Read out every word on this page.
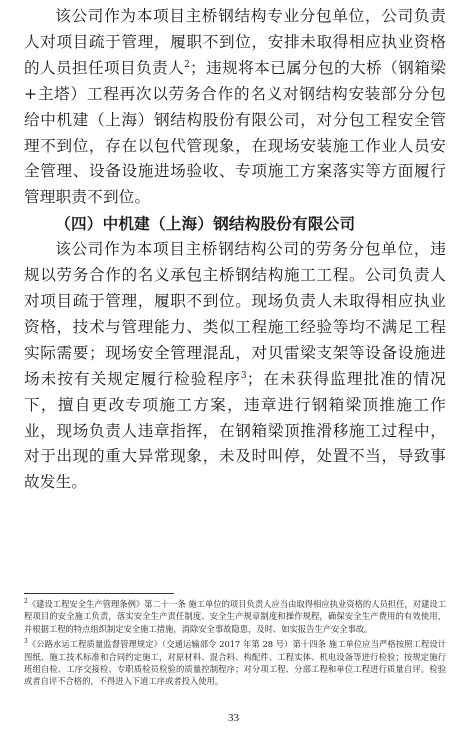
该公司作为本项目主桥钢结构专业分包单位，公司负责人对项目疏于管理，履职不到位，安排未取得相应执业资格的人员担任项目负责人$^2$；违规将本已属分包的大桥（钢箱梁+主塔）工程再次以劳务合作的名义对钢结构安装部分分包给中机建（上海）钢结构股份有限公司，对分包工程安全管理不到位，存在以包代管现象，在现场安装施工作业人员安全管理、设备设施进场验收、专项施工方案落实等方面履行管理职责不到位。

（四）中机建（上海）钢结构股份有限公司

该公司作为本项目主桥钢结构公司的劳务分包单位，违规以劳务合作的名义承包主桥钢结构施工工程。公司负责人对项目疏于管理，履职不到位。现场负责人未取得相应执业资格，技术与管理能力、类似工程施工经验等均不满足工程实际需要；现场安全管理混乱，对贝雷梁支架等设备设施进场未按有关规定履行检验程序$^3$；在未获得监理批准的情况下，擅自更改专项施工方案，违章进行钢箱梁顶推施工作业，现场负责人违章指挥，在钢箱梁顶推滑移施工过程中，对于出现的重大异常现象，未及时叫停，处置不当，导致事故发生。

$^2$《建设工程安全生产管理条例》第二十一条 施工单位的项目负责人应当由取得相应执业资格的人员担任，对建设工程项目的安全施工负责，落实安全生产责任制度、安全生产规章制度和操作规程，确保安全生产费用的有效使用，并根据工程的特点组织制定安全施工措施，消除安全事故隐患，及时、如实报告生产安全事故。

$^3$《公路水运工程质量监督管理规定》（交通运输部令 2017 年第 28 号）第十四条 施工单位应当严格按照工程设计图纸、施工技术标准和合同约定施工，对原材料、混合料、构配件、工程实体、机电设备等进行检验；按规定施行班组自检、工序交接检、专职质检员检验的质量控制程序；对分项工程、分部工程和单位工程进行质量自评。检验或者自评不合格的，不得进入下道工序或者投入使用。

33
